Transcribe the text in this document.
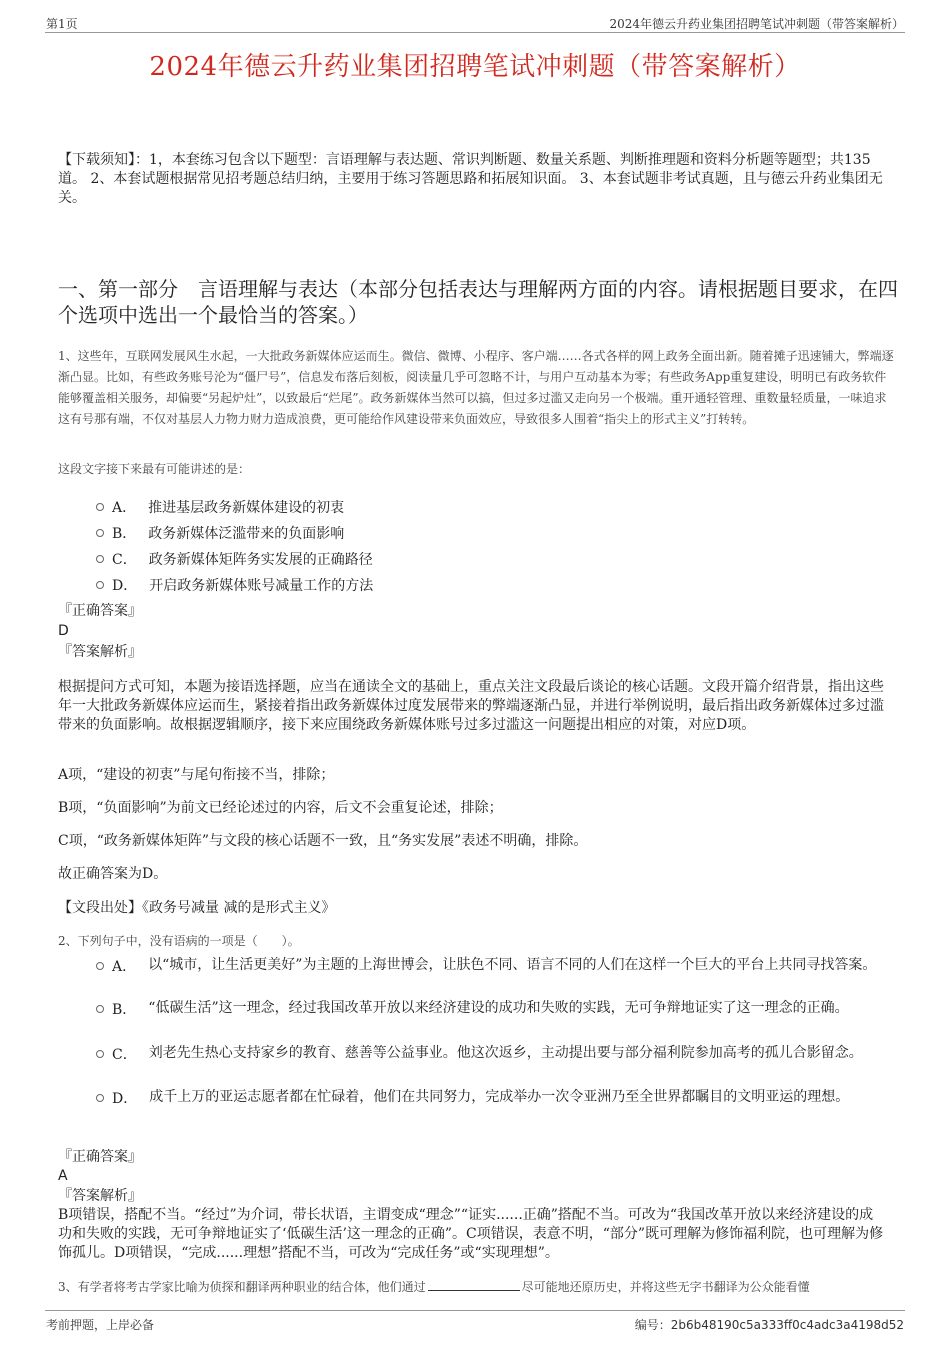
第1页	2024年德云升药业集团招聘笔试冲刺题（带答案解析）
2024年德云升药业集团招聘笔试冲刺题（带答案解析）
【下载须知】：1，本套练习包含以下题型：言语理解与表达题、常识判断题、数量关系题、判断推理题和资料分析题等题型；共135道。 2、本套试题根据常见招考题总结归纳，主要用于练习答题思路和拓展知识面。 3、本套试题非考试真题，且与德云升药业集团无关。
一、第一部分　言语理解与表达（本部分包括表达与理解两方面的内容。请根据题目要求，在四个选项中选出一个最恰当的答案。）
1、这些年，互联网发展风生水起，一大批政务新媒体应运而生。微信、微博、小程序、客户端……各式各样的网上政务全面出新。随着摊子迅速铺大，弊端逐渐凸显。比如，有些政务账号沦为“僵尸号”，信息发布落后刻板，阅读量几乎可忽略不计，与用户互动基本为零；有些政务App重复建设，明明已有政务软件能够覆盖相关服务，却偏要“另起炉灶”，以致最后“烂尾”。政务新媒体当然可以搞，但过多过滥又走向另一个极端。重开通轻管理、重数量轻质量，一味追求这有号那有端，不仅对基层人力物力财力造成浪费，更可能给作风建设带来负面效应，导致很多人围着“指尖上的形式主义”打转转。
这段文字接下来最有可能讲述的是：
A． 推进基层政务新媒体建设的初衷
B． 政务新媒体泛滥带来的负面影响
C． 政务新媒体矩阵务实发展的正确路径
D． 开启政务新媒体账号减量工作的方法
『正确答案』
D
『答案解析』
根据提问方式可知，本题为接语选择题，应当在通读全文的基础上，重点关注文段最后谈论的核心话题。文段开篇介绍背景，指出这些年一大批政务新媒体应运而生，紧接着指出政务新媒体过度发展带来的弊端逐渐凸显，并进行举例说明，最后指出政务新媒体过多过滥带来的负面影响。故根据逻辑顺序，接下来应围绕政务新媒体账号过多过滥这一问题提出相应的对策，对应D项。
A项，“建设的初衷”与尾句衔接不当，排除；
B项，“负面影响”为前文已经论述过的内容，后文不会重复论述，排除；
C项，“政务新媒体矩阵”与文段的核心话题不一致，且“务实发展”表述不明确，排除。
故正确答案为D。
【文段出处】《政务号减量 减的是形式主义》
2、下列句子中，没有语病的一项是（　　）。
A． 以“城市，让生活更美好”为主题的上海世博会，让肤色不同、语言不同的人们在这样一个巨大的平台上共同寻找答案。
B． “低碳生活”这一理念，经过我国改革开放以来经济建设的成功和失败的实践，无可争辩地证实了这一理念的正确。
C． 刘老先生热心支持家乡的教育、慈善等公益事业。他这次返乡，主动提出要与部分福利院参加高考的孤儿合影留念。
D． 成千上万的亚运志愿者都在忙碌着，他们在共同努力，完成举办一次令亚洲乃至全世界都瞩目的文明亚运的理想。
『正确答案』
A
『答案解析』
B项错误，搭配不当。“经过”为介词，带长状语，主谓变成“理念”“证实......正确”搭配不当。可改为“我国改革开放以来经济建设的成功和失败的实践，无可争辩地证实了‘低碳生活’这一理念的正确”。C项错误，表意不明，“部分”既可理解为修饰福利院，也可理解为修饰孤儿。D项错误，“完成......理想”搭配不当，可改为“完成任务”或“实现理想”。
3、有学者将考古学家比喻为侦探和翻译两种职业的结合体，他们通过	尽可能地还原历史，并将这些无字书翻译为公众能看懂
考前押题，上岸必备	编号：2b6b48190c5a333ff0c4adc3a4198d52
